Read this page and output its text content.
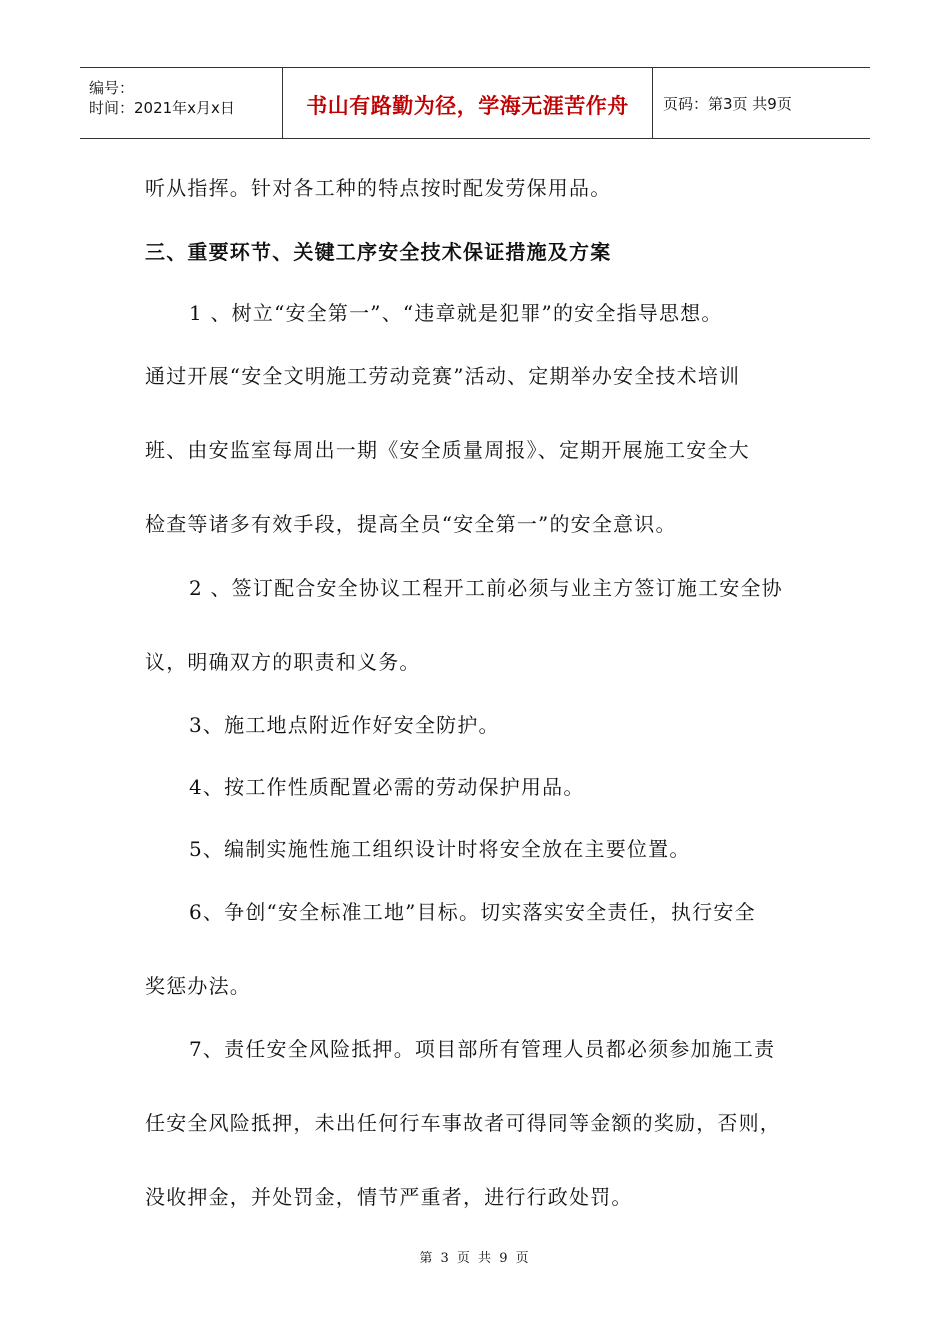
编号：
时间：2021年x月x日	书山有路勤为径，学海无涯苦作舟	页码：第3页 共9页
听从指挥。针对各工种的特点按时配发劳保用品。
三、重要环节、关键工序安全技术保证措施及方案
1 、树立“安全第一”、“违章就是犯罪”的安全指导思想。
通过开展“安全文明施工劳动竞赛”活动、定期举办安全技术培训
班、由安监室每周出一期《安全质量周报》、定期开展施工安全大
检查等诸多有效手段，提高全员“安全第一”的安全意识。
2 、签订配合安全协议工程开工前必须与业主方签订施工安全协
议，明确双方的职责和义务。
3、施工地点附近作好安全防护。
4、按工作性质配置必需的劳动保护用品。
5、编制实施性施工组织设计时将安全放在主要位置。
6、争创“安全标准工地”目标。切实落实安全责任，执行安全
奖惩办法。
7、责任安全风险抵押。项目部所有管理人员都必须参加施工责
任安全风险抵押，未出任何行车事故者可得同等金额的奖励，否则，
没收押金，并处罚金，情节严重者，进行行政处罚。
第 3 页 共 9 页
